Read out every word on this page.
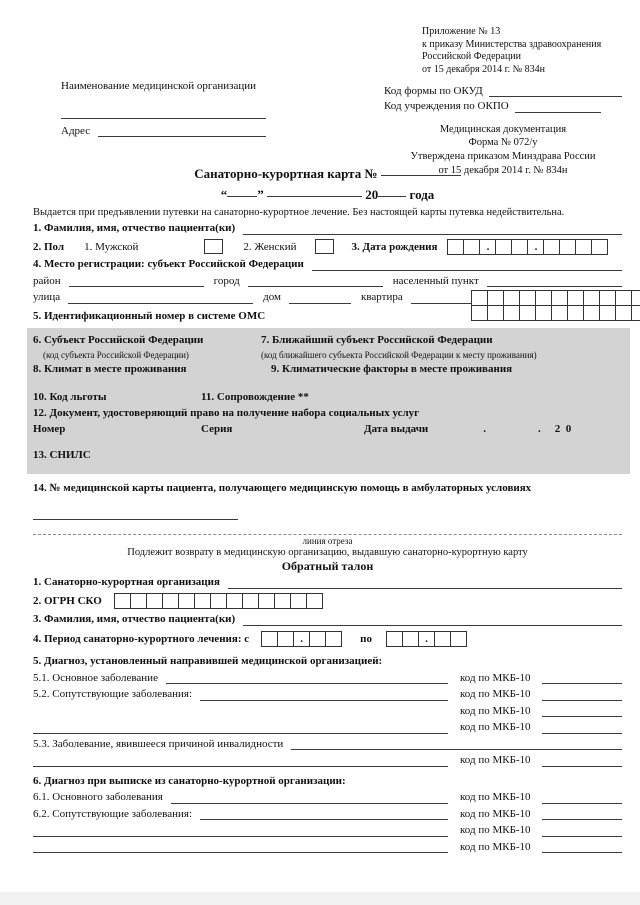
Наименование медицинской организации
Адрес
Приложение № 13
к приказу Министерства здравоохранения
Российской Федерации
от 15 декабря 2014 г. № 834н
Код формы по ОКУД
Код учреждения по ОКПО
Медицинская документация
Форма № 072/у
Утверждена приказом Минздрава России
от 15 декабря 2014 г. № 834н
Санаторно-курортная карта №
“ ”	20 года
Выдается при предъявлении путевки на санаторно-курортное лечение. Без настоящей карты путевка недействительна.
1. Фамилия, имя, отчество пациента(ки)
2. Пол 1. Мужской	2. Женский	3. Дата рождения	.	.
4. Место регистрации: субъект Российской Федерации
район	город	населенный пункт
улица	дом	квартира
5. Идентификационный номер в системе ОМС
6. Субъект Российской Федерации	7. Ближайший субъект Российской Федерации
(код субъекта Российской Федерации)	(код ближайшего субъекта Российской Федерации к месту проживания)
8. Климат в месте проживания	9. Климатические факторы в месте проживания
10. Код льготы	11. Сопровождение **
12. Документ, удостоверяющий право на получение набора социальных услуг
Номер	Серия	Дата выдачи	.	. 2  0
13. СНИЛС
14. № медицинской карты пациента, получающего медицинскую помощь в амбулаторных условиях
линия отреза
Подлежит возврату в медицинскую организацию, выдавшую санаторно-курортную карту
Обратный талон
1. Санаторно-курортная организация
2. ОГРН СКО
3. Фамилия, имя, отчество пациента(ки)
4. Период санаторно-курортного лечения: с	.	по	.
5. Диагноз, установленный направившей медицинской организацией:
5.1. Основное заболевание	код по МКБ-10
5.2. Сопутствующие заболевания:	код по МКБ-10
код по МКБ-10
код по МКБ-10
5.3. Заболевание, явившееся причиной инвалидности
код по МКБ-10
6. Диагноз при выписке из санаторно-курортной организации:
6.1. Основного заболевания	код по МКБ-10
6.2. Сопутствующие заболевания:	код по МКБ-10
код по МКБ-10
код по МКБ-10
